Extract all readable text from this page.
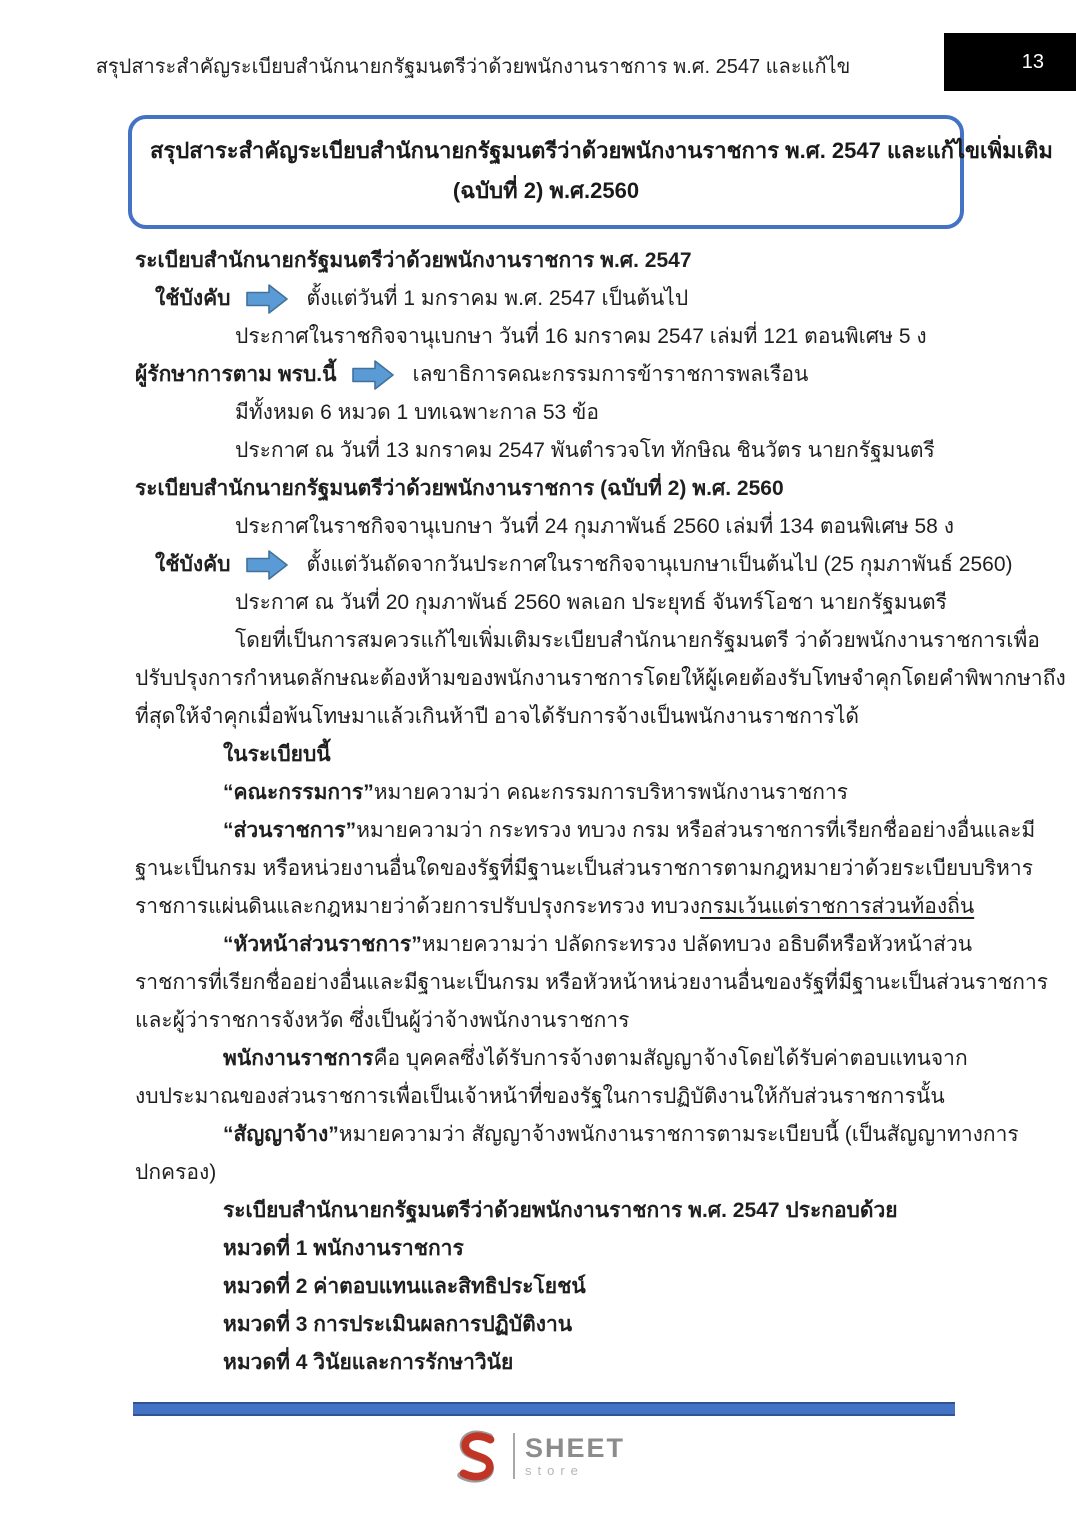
สรุปสาระสำคัญระเบียบสำนักนายกรัฐมนตรีว่าด้วยพนักงานราชการ พ.ศ. 2547 และแก้ไข	13
สรุปสาระสำคัญระเบียบสำนักนายกรัฐมนตรีว่าด้วยพนักงานราชการ พ.ศ. 2547 และแก้ไขเพิ่มเติม
(ฉบับที่ 2) พ.ศ.2560
ระเบียบสำนักนายกรัฐมนตรีว่าด้วยพนักงานราชการ พ.ศ. 2547
ใช้บังคับ	ตั้งแต่วันที่ 1 มกราคม พ.ศ. 2547 เป็นต้นไป
ประกาศในราชกิจจานุเบกษา วันที่ 16 มกราคม 2547 เล่มที่ 121 ตอนพิเศษ 5 ง
ผู้รักษาการตาม พรบ.นี้	เลขาธิการคณะกรรมการข้าราชการพลเรือน
มีทั้งหมด 6 หมวด 1 บทเฉพาะกาล 53 ข้อ
ประกาศ ณ วันที่ 13 มกราคม 2547 พันตำรวจโท ทักษิณ ชินวัตร นายกรัฐมนตรี
ระเบียบสำนักนายกรัฐมนตรีว่าด้วยพนักงานราชการ (ฉบับที่ 2) พ.ศ. 2560
ประกาศในราชกิจจานุเบกษา วันที่ 24 กุมภาพันธ์ 2560 เล่มที่ 134 ตอนพิเศษ 58 ง
ใช้บังคับ	ตั้งแต่วันถัดจากวันประกาศในราชกิจจานุเบกษาเป็นต้นไป (25 กุมภาพันธ์ 2560)
ประกาศ ณ วันที่ 20 กุมภาพันธ์ 2560 พลเอก ประยุทธ์ จันทร์โอชา นายกรัฐมนตรี
โดยที่เป็นการสมควรแก้ไขเพิ่มเติมระเบียบสำนักนายกรัฐมนตรี ว่าด้วยพนักงานราชการเพื่อ
ปรับปรุงการกำหนดลักษณะต้องห้ามของพนักงานราชการโดยให้ผู้เคยต้องรับโทษจำคุกโดยคำพิพากษาถึง
ที่สุดให้จำคุกเมื่อพ้นโทษมาแล้วเกินห้าปี อาจได้รับการจ้างเป็นพนักงานราชการได้
ในระเบียบนี้
“คณะกรรมการ” หมายความว่า คณะกรรมการบริหารพนักงานราชการ
“ส่วนราชการ” หมายความว่า กระทรวง ทบวง กรม หรือส่วนราชการที่เรียกชื่ออย่างอื่นและมี
ฐานะเป็นกรม หรือหน่วยงานอื่นใดของรัฐที่มีฐานะเป็นส่วนราชการตามกฎหมายว่าด้วยระเบียบบริหาร
ราชการแผ่นดินและกฎหมายว่าด้วยการปรับปรุงกระทรวง ทบวง กรมเว้นแต่ราชการส่วนท้องถิ่น
“หัวหน้าส่วนราชการ” หมายความว่า ปลัดกระทรวง ปลัดทบวง อธิบดีหรือหัวหน้าส่วน
ราชการที่เรียกชื่ออย่างอื่นและมีฐานะเป็นกรม หรือหัวหน้าหน่วยงานอื่นของรัฐที่มีฐานะเป็นส่วนราชการ
และผู้ว่าราชการจังหวัด ซึ่งเป็นผู้ว่าจ้างพนักงานราชการ
พนักงานราชการ คือ บุคคลซึ่งได้รับการจ้างตามสัญญาจ้างโดยได้รับค่าตอบแทนจาก
งบประมาณของส่วนราชการเพื่อเป็นเจ้าหน้าที่ของรัฐในการปฏิบัติงานให้กับส่วนราชการนั้น
“สัญญาจ้าง” หมายความว่า สัญญาจ้างพนักงานราชการตามระเบียบนี้ (เป็นสัญญาทางการ
ปกครอง)
ระเบียบสำนักนายกรัฐมนตรีว่าด้วยพนักงานราชการ พ.ศ. 2547 ประกอบด้วย
หมวดที่ 1 พนักงานราชการ
หมวดที่ 2 ค่าตอบแทนและสิทธิประโยชน์
หมวดที่ 3 การประเมินผลการปฏิบัติงาน
หมวดที่ 4 วินัยและการรักษาวินัย
SHEET
store
